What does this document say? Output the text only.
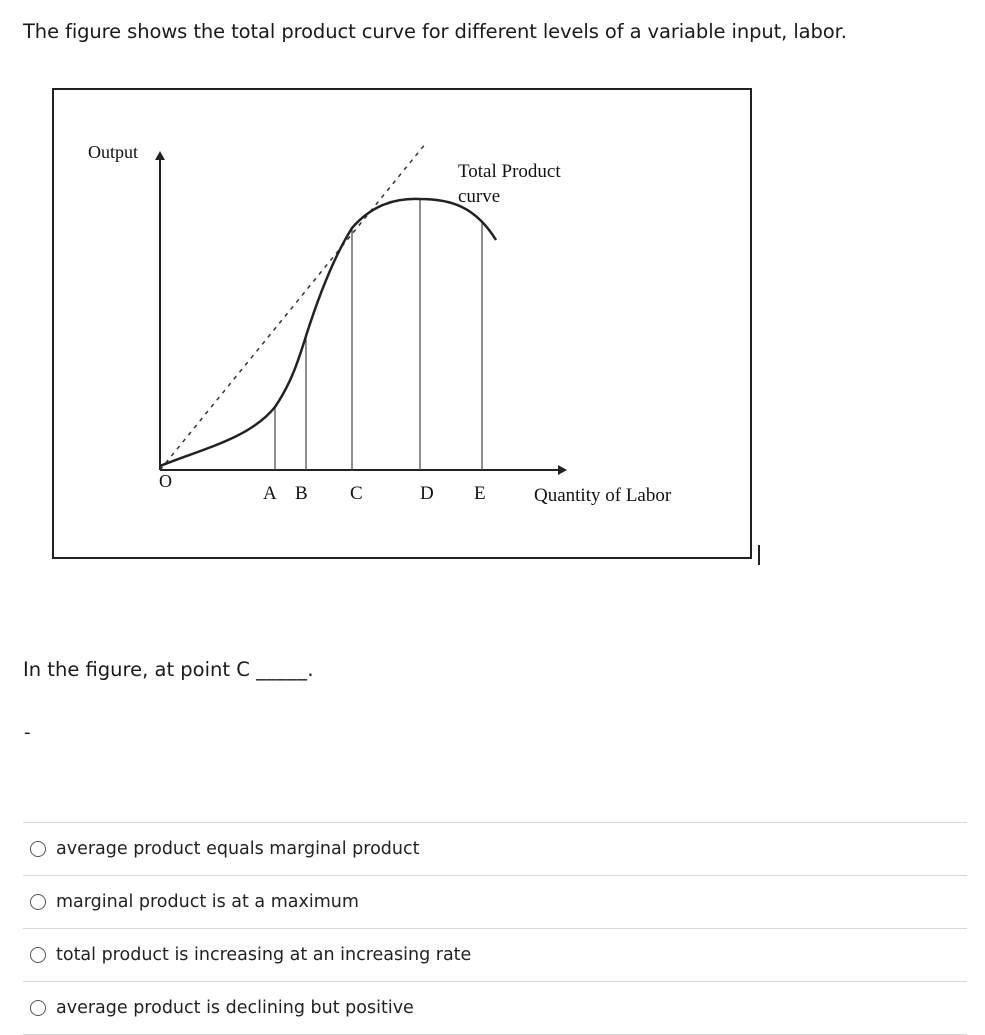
The figure shows the total product curve for different levels of a variable input, labor.
Output
Total Product
curve
O
A B C	D E	Quantity of Labor

In the figure, at point C _____.

-
average product equals marginal product
marginal product is at a maximum
total product is increasing at an increasing rate
average product is declining but positive
